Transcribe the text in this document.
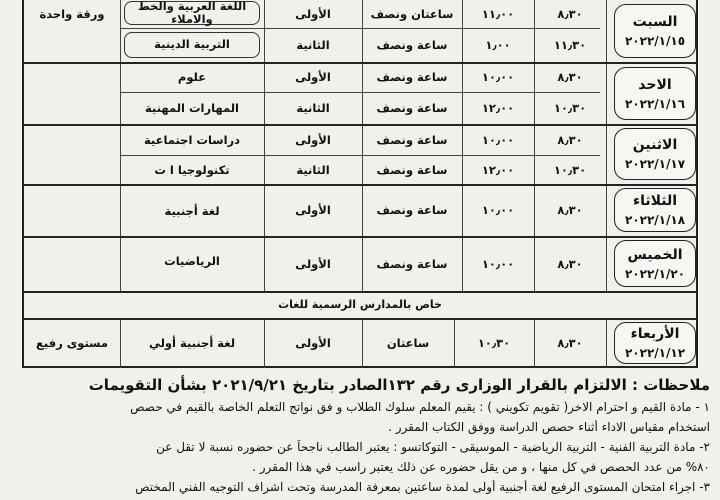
السبت
٢٠٢٢/١/١٥
٨٫٣٠
١١٫٣٠
١١٫٠٠
١٫٠٠
ساعتان ونصف
ساعة ونصف
الأولى
الثانية
اللغة العربية والخط والاملاء
التربية الدينية
ورقة واحدة
الاحد
٢٠٢٢/١/١٦
٨٫٣٠
١٠٫٣٠
١٠٫٠٠
١٢٫٠٠
ساعة ونصف
ساعة ونصف
الأولى
الثانية
علوم
المهارات المهنية
الاثنين
٢٠٢٢/١/١٧
٨٫٣٠
١٠٫٣٠
١٠٫٠٠
١٢٫٠٠
ساعة ونصف
ساعة ونصف
الأولى
الثانية
دراسات اجتماعية
تكنولوجيا ا ت
الثلاثاء
٢٠٢٢/١/١٨
٨٫٣٠
١٠٫٠٠
ساعة ونصف
الأولى
لغة أجنبية
الخميس
٢٠٢٢/١/٢٠
٨٫٣٠
١٠٫٠٠
ساعة ونصف
الأولى
الرياضيات
خاص بالمدارس الرسمية للغات
الأربعاء
٢٠٢٢/١/١٢
٨٫٣٠
١٠٫٣٠
ساعتان
الأولى
لغة أجنبية أولي
مستوى رفيع
ملاحظات : الالتزام بالقرار الوزارى رقم ١٣٢الصادر بتاريخ ٢٠٢١/٩/٢١ بشأن التقويمات
١ - مادة القيم و احترام الاخر( تقويم تكويني ) : يقيم المعلم سلوك الطلاب و فق نواتج التعلم الخاصة بالقيم في حصص
استخدام مقياس الاداء أثناء حصص الدراسة ووفق الكتاب المقرر .
٢- مادة التربية الفنية - التربية الرياضية - الموسيقى - التوكاتسو : يعتبر الطالب ناجحاً عن حضوره نسبة لا تقل عن
٨٠% من عدد الحصص في كل منها ، و من يقل حضوره عن ذلك يعتبر راسب في هذا المقرر .
٣- اجراء امتحان المستوى الرفيع لغة أجنبية أولى لمدة ساعتين بمعرفة المدرسة وتحت اشراف التوجيه الفني المختص
